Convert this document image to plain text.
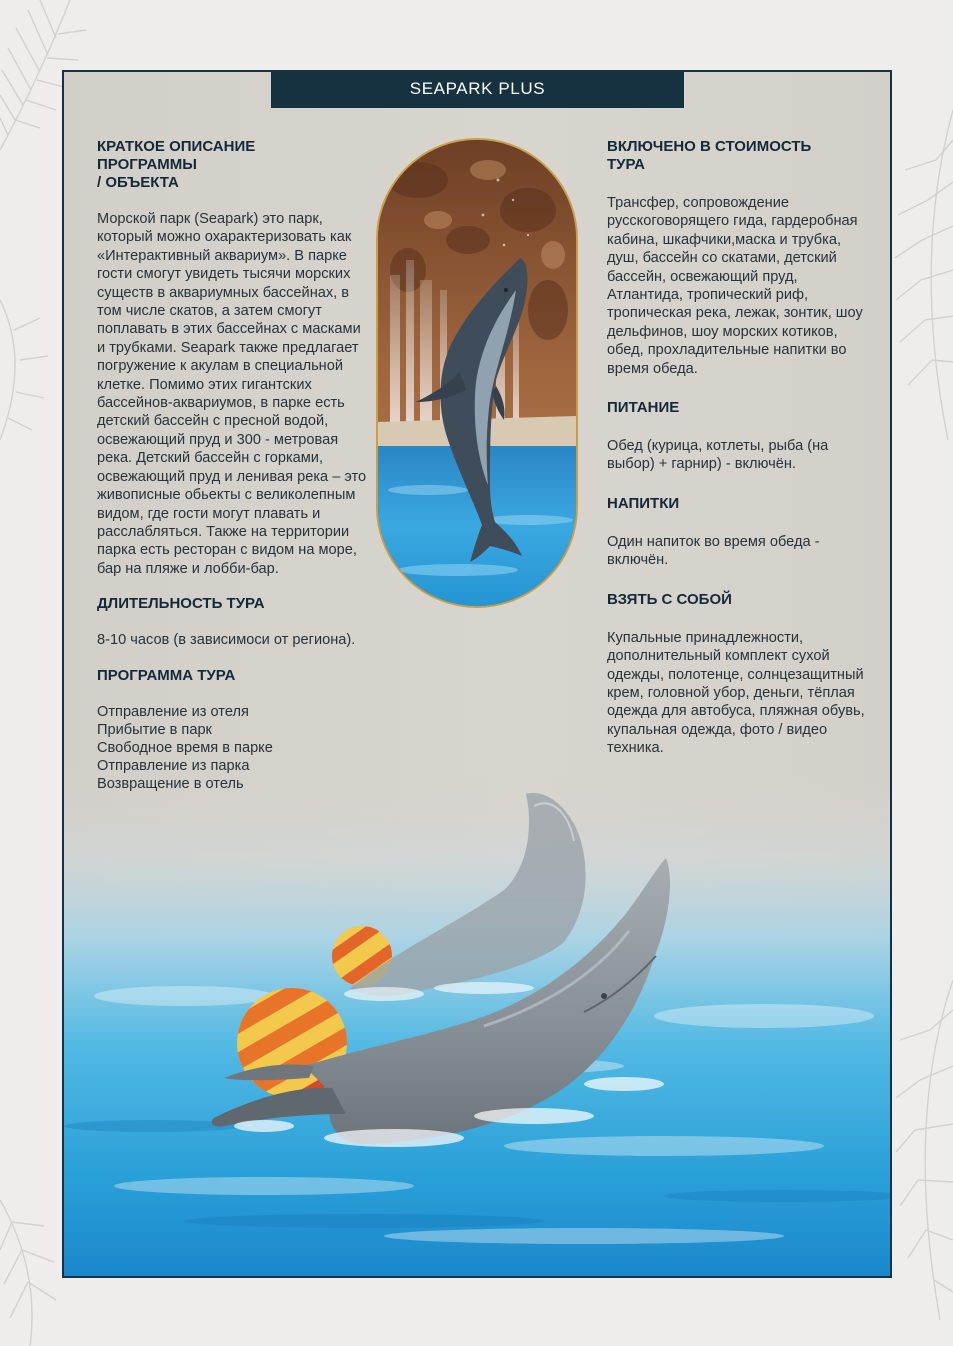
SEAPARK PLUS
КРАТКОЕ ОПИСАНИЕ
ПРОГРАММЫ
/ ОБЪЕКТА

Морской парк (Seapark) это парк, который можно охарактеризовать как «Интерактивный аквариум». В парке гости смогут увидеть тысячи морских существ в аквариумных бассейнах, в том числе скатов, а затем смогут поплавать в этих бассейнах с масками и трубками. Seapark также предлагает погружение к акулам в специальной клетке. Помимо этих гигантских бассейнов-аквариумов, в парке есть детский бассейн с пресной водой, освежающий пруд и 300 - метровая река. Детский бассейн с горками, освежающий пруд и ленивая река – это живописные обьекты с великолепным видом, где гости могут плавать и расслабляться. Также на территории парка есть ресторан с видом на море, бар на пляже и лобби-бар.

ДЛИТЕЛЬНОСТЬ ТУРА

8-10 часов (в зависимоси от региона).

ПРОГРАММА ТУРА
Отправление из отеля
Прибытие в парк
Свободное время в парке
Отправление из парка
Возвращение в отель
ВКЛЮЧЕНО В СТОИМОСТЬ
ТУРА

Трансфер, сопровождение русскоговорящего гида, гардеробная кабина, шкафчики,маска и трубка, душ, бассейн со скатами, детский бассейн, освежающий пруд, Атлантида, тропический риф, тропическая река, лежак, зонтик, шоу дельфинов, шоу морских котиков, обед, прохладительные напитки во время обеда.

ПИТАНИЕ

Обед (курица, котлеты, рыба (на выбор) + гарнир) - включён.

НАПИТКИ

Один напиток во время обеда - включён.

ВЗЯТЬ С СОБОЙ

Купальные принадлежности, дополнительный комплект сухой одежды, полотенце, солнцезащитный крем, головной убор, деньги, тёплая одежда для автобуса, пляжная обувь, купальная одежда, фото / видео техника.
